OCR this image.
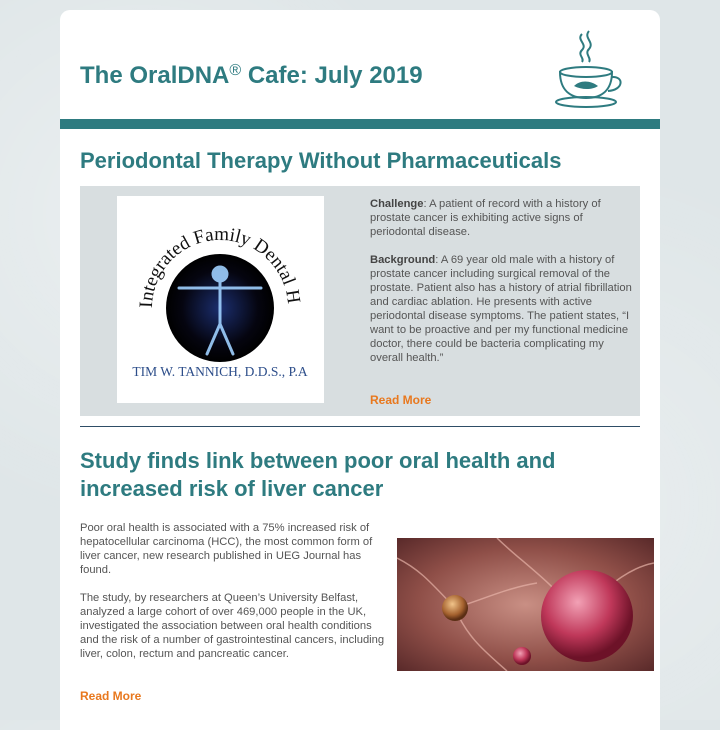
The OralDNA® Cafe: July 2019
Periodontal Therapy Without Pharmaceuticals
Integrated Family Dental H
TIM W. TANNICH, D.D.S., P.A

Challenge: A patient of record with a history of prostate cancer is exhibiting active signs of periodontal disease.

Background: A 69 year old male with a history of prostate cancer including surgical removal of the prostate. Patient also has a history of atrial fibrillation and cardiac ablation. He presents with active periodontal disease symptoms. The patient states, “I want to be proactive and per my functional medicine doctor, there could be bacteria complicating my overall health.”

Read More
Study finds link between poor oral health and increased risk of liver cancer

Poor oral health is associated with a 75% increased risk of hepatocellular carcinoma (HCC), the most common form of liver cancer, new research published in UEG Journal has found.

The study, by researchers at Queen’s University Belfast, analyzed a large cohort of over 469,000 people in the UK, investigated the association between oral health conditions and the risk of a number of gastrointestinal cancers, including liver, colon, rectum and pancreatic cancer.

Read More
